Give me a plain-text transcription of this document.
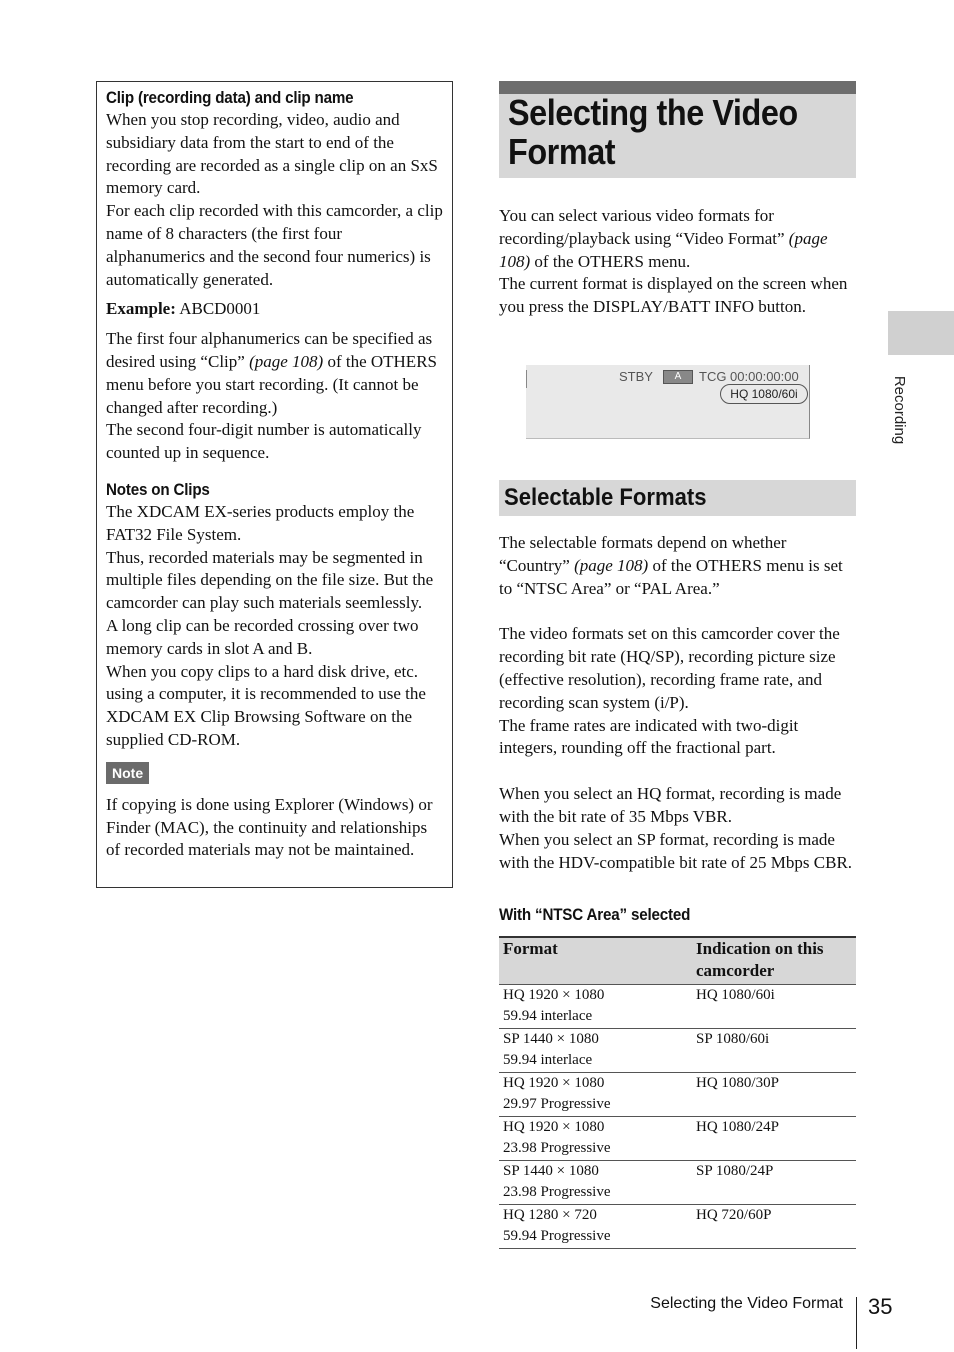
Clip (recording data) and clip name

When you stop recording, video, audio and subsidiary data from the start to end of the recording are recorded as a single clip on an SxS memory card.

For each clip recorded with this camcorder, a clip name of 8 characters (the first four alphanumerics and the second four numerics) is automatically generated.

Example: ABCD0001

The first four alphanumerics can be specified as desired using “Clip” (page 108) of the OTHERS menu before you start recording. (It cannot be changed after recording.)

The second four-digit number is automatically counted up in sequence.

Notes on Clips

The XDCAM EX-series products employ the FAT32 File System.

Thus, recorded materials may be segmented in multiple files depending on the file size. But the camcorder can play such materials seemlessly.

A long clip can be recorded crossing over two memory cards in slot A and B.

When you copy clips to a hard disk drive, etc. using a computer, it is recommended to use the XDCAM EX Clip Browsing Software on the supplied CD-ROM.

Note

If copying is done using Explorer (Windows) or Finder (MAC), the continuity and relationships of recorded materials may not be maintained.

Selecting the Video Format

You can select various video formats for recording/playback using “Video Format” (page 108) of the OTHERS menu.

The current format is displayed on the screen when you press the DISPLAY/BATT INFO button.

STBY	A	TCG 00:00:00:00
HQ 1080/60i
Selectable Formats

The selectable formats depend on whether “Country” (page 108) of the OTHERS menu is set to “NTSC Area” or “PAL Area.”

The video formats set on this camcorder cover the recording bit rate (HQ/SP), recording picture size (effective resolution), recording frame rate, and recording scan system (i/P).

The frame rates are indicated with two-digit integers, rounding off the fractional part.

When you select an HQ format, recording is made with the bit rate of 35 Mbps VBR.

When you select an SP format, recording is made with the HDV-compatible bit rate of 25 Mbps CBR.

With “NTSC Area” selected
Format	Indication on this camcorder
HQ 1920 × 1080
59.94 interlace	HQ 1080/60i
SP 1440 × 1080
59.94 interlace	SP 1080/60i
HQ 1920 × 1080
29.97 Progressive	HQ 1080/30P
HQ 1920 × 1080
23.98 Progressive	HQ 1080/24P
SP 1440 × 1080
23.98 Progressive	SP 1080/24P
HQ 1280 × 720
59.94 Progressive	HQ 720/60P
Recording
Selecting the Video Format 35
